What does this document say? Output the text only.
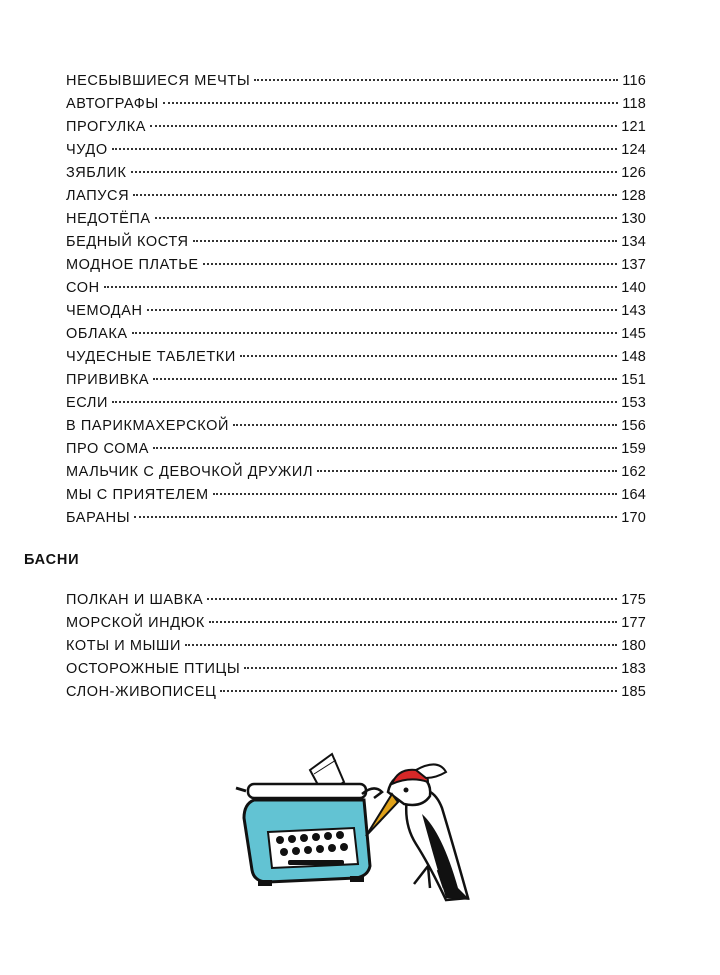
НЕСБЫВШИЕСЯ МЕЧТЫ	116
АВТОГРАФЫ	118
ПРОГУЛКА	121
ЧУДО	124
ЗЯБЛИК	126
ЛАПУСЯ	128
НЕДОТЁПА	130
БЕДНЫЙ КОСТЯ	134
МОДНОЕ ПЛАТЬЕ	137
СОН	140
ЧЕМОДАН	143
ОБЛАКА	145
ЧУДЕСНЫЕ ТАБЛЕТКИ	148
ПРИВИВКА	151
ЕСЛИ	153
В ПАРИКМАХЕРСКОЙ	156
ПРО СОМА	159
МАЛЬЧИК С ДЕВОЧКОЙ ДРУЖИЛ	162
МЫ С ПРИЯТЕЛЕМ	164
БАРАНЫ	170
БАСНИ
ПОЛКАН И ШАВКА	175
МОРСКОЙ ИНДЮК	177
КОТЫ И МЫШИ	180
ОСТОРОЖНЫЕ ПТИЦЫ	183
СЛОН-ЖИВОПИСЕЦ	185
